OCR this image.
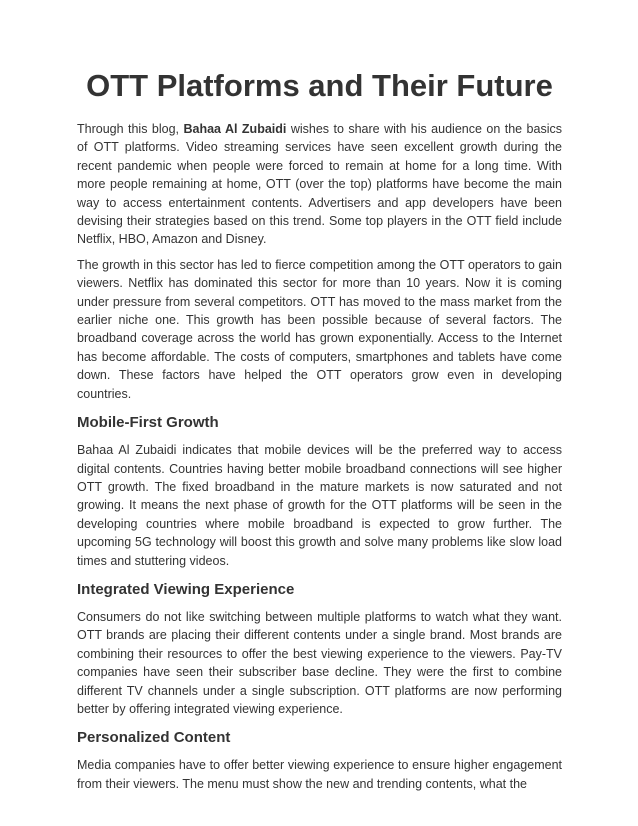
OTT Platforms and Their Future

Through this blog, Bahaa Al Zubaidi wishes to share with his audience on the basics of OTT platforms. Video streaming services have seen excellent growth during the recent pandemic when people were forced to remain at home for a long time. With more people remaining at home, OTT (over the top) platforms have become the main way to access entertainment contents. Advertisers and app developers have been devising their strategies based on this trend. Some top players in the OTT field include Netflix, HBO, Amazon and Disney.

The growth in this sector has led to fierce competition among the OTT operators to gain viewers. Netflix has dominated this sector for more than 10 years. Now it is coming under pressure from several competitors. OTT has moved to the mass market from the earlier niche one. This growth has been possible because of several factors. The broadband coverage across the world has grown exponentially. Access to the Internet has become affordable. The costs of computers, smartphones and tablets have come down. These factors have helped the OTT operators grow even in developing countries.

Mobile-First Growth

Bahaa Al Zubaidi indicates that mobile devices will be the preferred way to access digital contents. Countries having better mobile broadband connections will see higher OTT growth. The fixed broadband in the mature markets is now saturated and not growing. It means the next phase of growth for the OTT platforms will be seen in the developing countries where mobile broadband is expected to grow further. The upcoming 5G technology will boost this growth and solve many problems like slow load times and stuttering videos.

Integrated Viewing Experience

Consumers do not like switching between multiple platforms to watch what they want. OTT brands are placing their different contents under a single brand. Most brands are combining their resources to offer the best viewing experience to the viewers. Pay-TV companies have seen their subscriber base decline. They were the first to combine different TV channels under a single subscription. OTT platforms are now performing better by offering integrated viewing experience.

Personalized Content

Media companies have to offer better viewing experience to ensure higher engagement from their viewers. The menu must show the new and trending contents, what the
